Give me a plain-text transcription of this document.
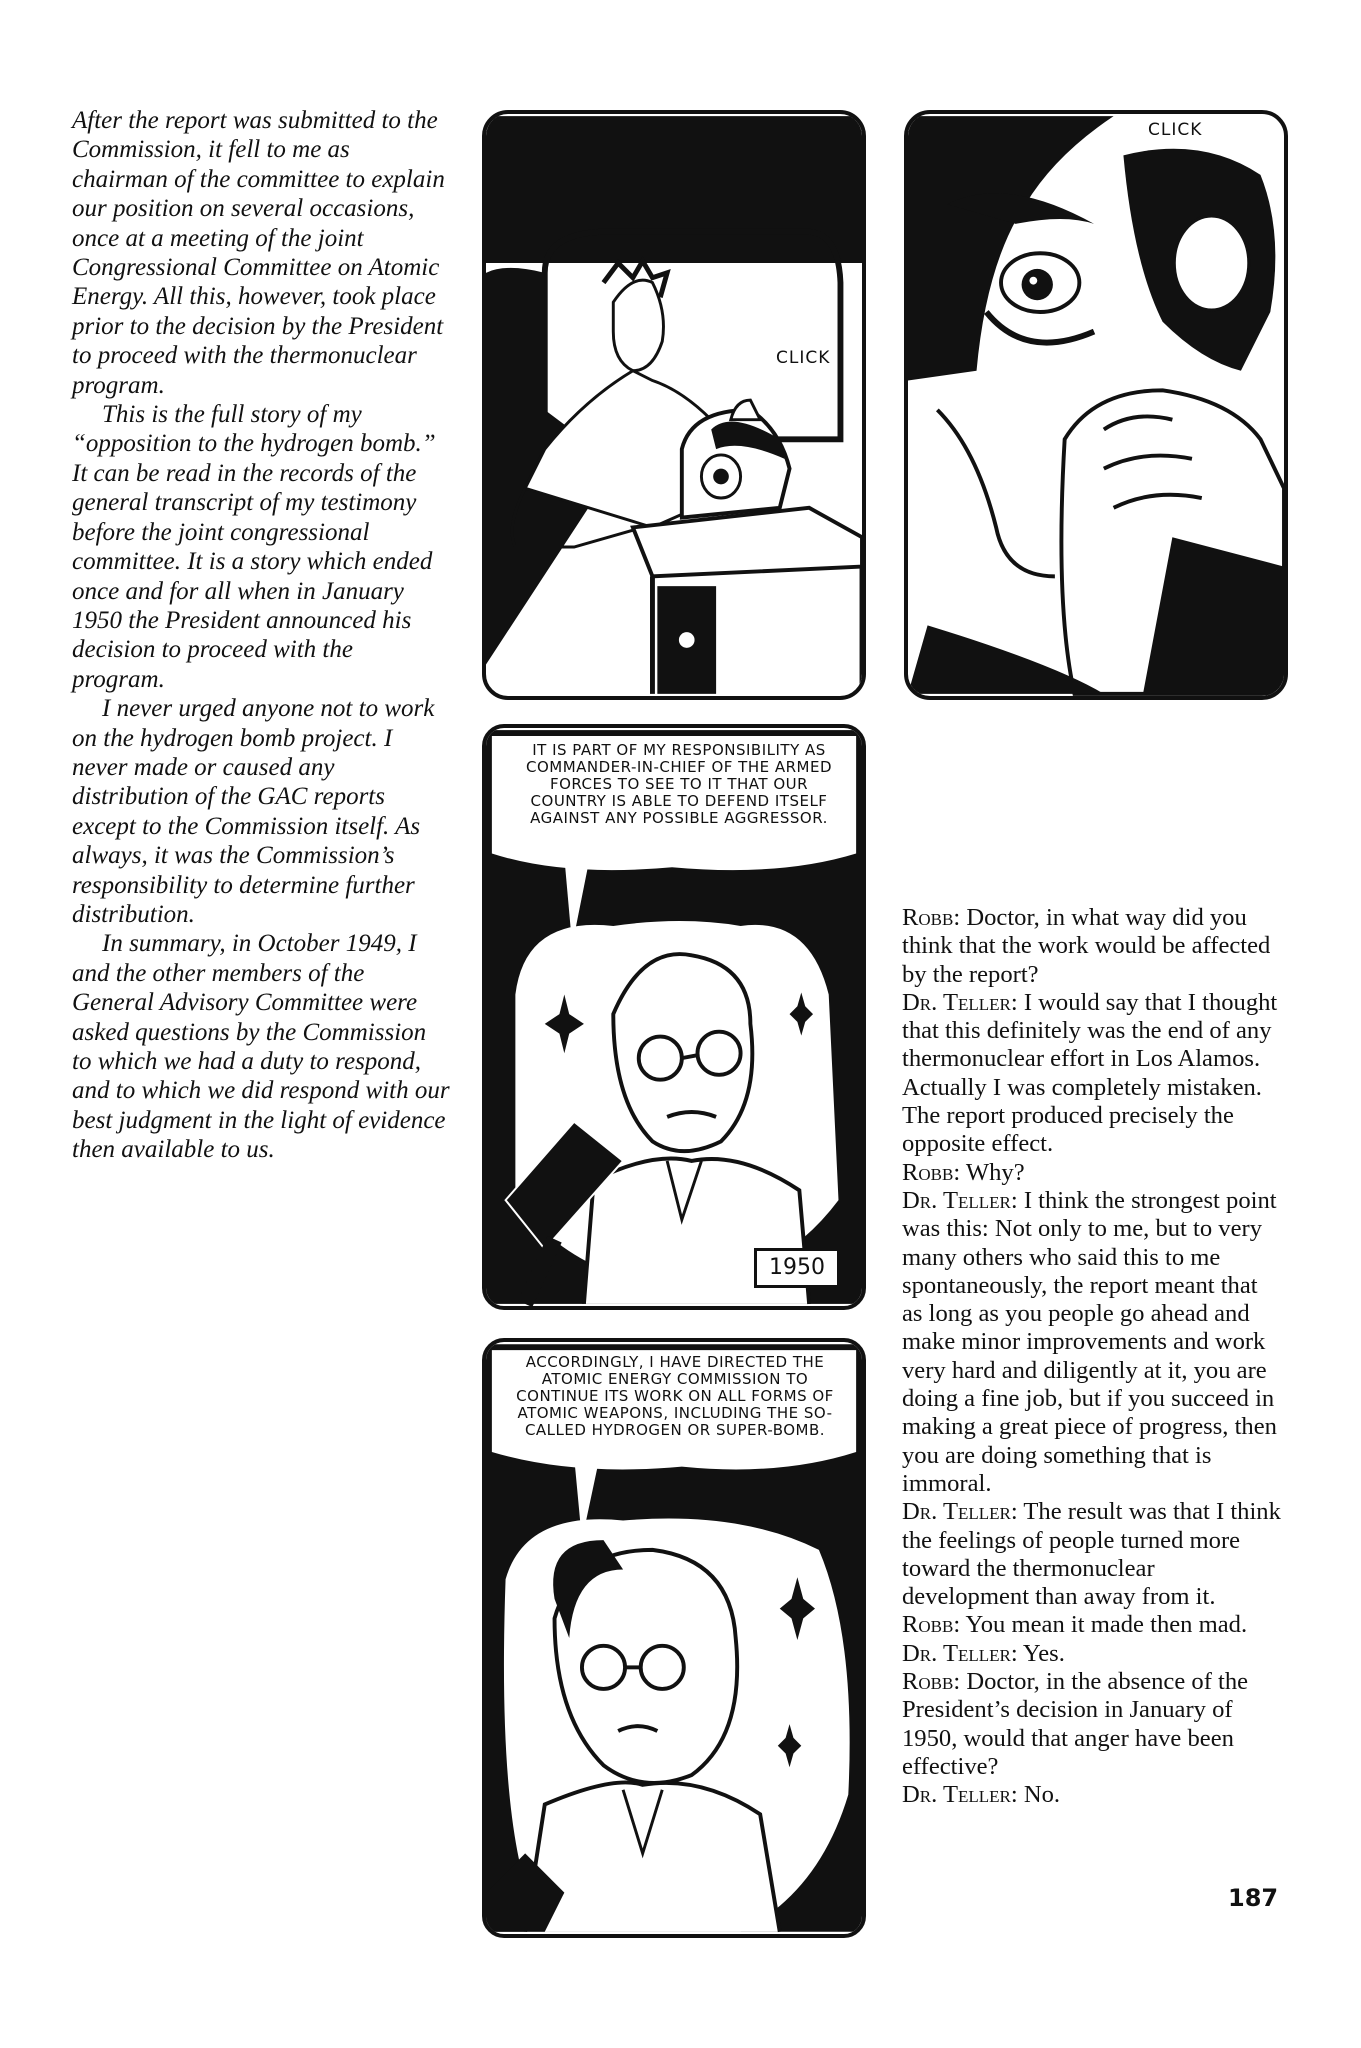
After the report was submitted to the Commission, it fell to me as chairman of the committee to explain our position on several occasions, once at a meeting of the joint Congressional Committee on Atomic Energy. All this, however, took place prior to the decision by the President to proceed with the thermonuclear program.

This is the full story of my “opposition to the hydrogen bomb.” It can be read in the records of the general transcript of my testimony before the joint congressional committee. It is a story which ended once and for all when in January 1950 the President announced his decision to proceed with the program.

I never urged anyone not to work on the hydrogen bomb project. I never made or caused any distribution of the GAC reports except to the Commission itself. As always, it was the Commission’s responsibility to determine further distribution.

In summary, in October 1949, I and the other members of the General Advisory Committee were asked questions by the Commission to which we had a duty to respond, and to which we did respond with our best judgment in the light of evidence then available to us.

CLICK
CLICK
IT IS PART OF MY RESPONSIBILITY AS COMMANDER-IN-CHIEF OF THE ARMED FORCES TO SEE TO IT THAT OUR COUNTRY IS ABLE TO DEFEND ITSELF AGAINST ANY POSSIBLE AGGRESSOR.
1950
ACCORDINGLY, I HAVE DIRECTED THE ATOMIC ENERGY COMMISSION TO CONTINUE ITS WORK ON ALL FORMS OF ATOMIC WEAPONS, INCLUDING THE SO-CALLED HYDROGEN OR SUPER-BOMB.

Robb: Doctor, in what way did you think that the work would be affected by the report?

Dr. Teller: I would say that I thought that this definitely was the end of any thermonuclear effort in Los Alamos. Actually I was completely mistaken. The report produced precisely the opposite effect.

Robb: Why?

Dr. Teller: I think the strongest point was this: Not only to me, but to very many others who said this to me spontaneously, the report meant that as long as you people go ahead and make minor improvements and work very hard and diligently at it, you are doing a fine job, but if you succeed in making a great piece of progress, then you are doing something that is immoral.

Dr. Teller: The result was that I think the feelings of people turned more toward the thermonuclear development than away from it.

Robb: You mean it made then mad.

Dr. Teller: Yes.

Robb: Doctor, in the absence of the President’s decision in January of 1950, would that anger have been effective?

Dr. Teller: No.

187
